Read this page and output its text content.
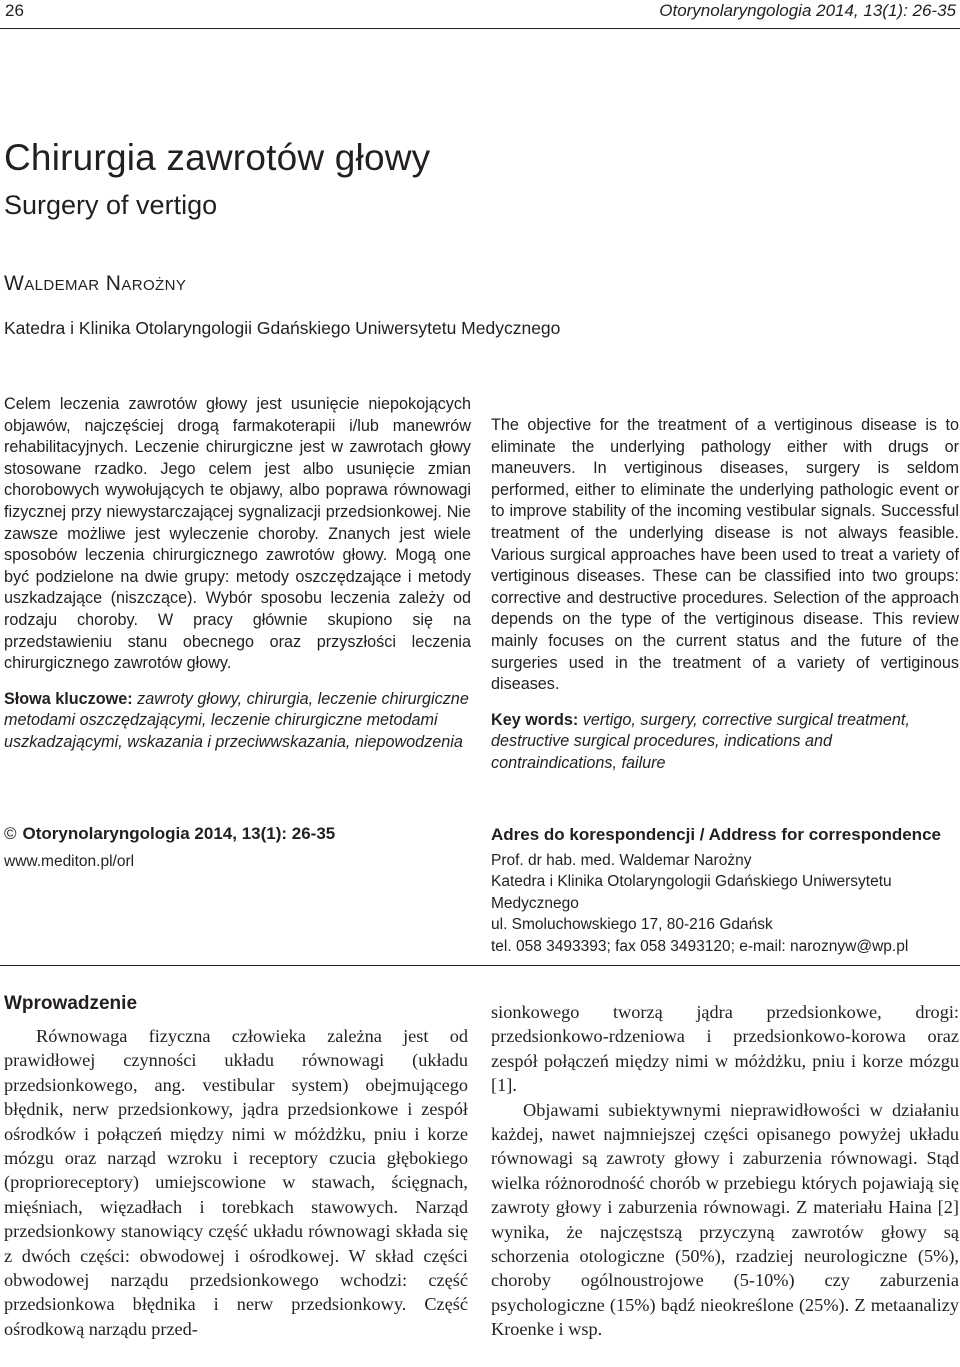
26	Otorynolaryngologia 2014, 13(1): 26-35
Chirurgia zawrotów głowy
Surgery of vertigo
Waldemar Narożny
Katedra i Klinika Otolaryngologii Gdańskiego Uniwersytetu Medycznego

Celem leczenia zawrotów głowy jest usunięcie niepokojących objawów, najczęściej drogą farmakoterapii i/lub manewrów rehabilitacyjnych. Leczenie chirurgiczne jest w zawrotach głowy stosowane rzadko. Jego celem jest albo usunięcie zmian chorobowych wywołujących te objawy, albo poprawa równowagi fizycznej przy niewystarczającej sygnalizacji przedsionkowej. Nie zawsze możliwe jest wyleczenie choroby. Znanych jest wiele sposobów leczenia chirurgicznego zawrotów głowy. Mogą one być podzielone na dwie grupy: metody oszczędzające i metody uszkadzające (niszczące). Wybór sposobu leczenia zależy od rodzaju choroby. W pracy głównie skupiono się na przedstawieniu stanu obecnego oraz przyszłości leczenia chirurgicznego zawrotów głowy.

Słowa kluczowe: zawroty głowy, chirurgia, leczenie chirurgiczne metodami oszczędzającymi, leczenie chirurgiczne metodami uszkadzającymi, wskazania i przeciwwskazania, niepowodzenia

The objective for the treatment of a vertiginous disease is to eliminate the underlying pathology either with drugs or maneuvers. In vertiginous diseases, surgery is seldom performed, either to eliminate the underlying pathologic event or to improve stability of the incoming vestibular signals. Successful treatment of the underlying disease is not always feasible. Various surgical approaches have been used to treat a variety of vertiginous diseases. These can be classified into two groups: corrective and destructive procedures. Selection of the approach depends on the type of the vertiginous disease. This review mainly focuses on the current status and the future of the surgeries used in the treatment of a variety of vertiginous diseases.

Key words: vertigo, surgery, corrective surgical treatment, destructive surgical procedures, indications and contraindications, failure

© Otorynolaryngologia 2014, 13(1): 26-35
www.mediton.pl/orl
Adres do korespondencji / Address for correspondence
Prof. dr hab. med. Waldemar Narożny
Katedra i Klinika Otolaryngologii Gdańskiego Uniwersytetu Medycznego
ul. Smoluchowskiego 17, 80-216 Gdańsk
tel. 058 3493393; fax 058 3493120; e-mail: naroznyw@wp.pl
Wprowadzenie

Równowaga fizyczna człowieka zależna jest od prawidłowej czynności układu równowagi (układu przedsionkowego, ang. vestibular system) obejmującego błędnik, nerw przedsionkowy, jądra przedsionkowe i zespół ośrodków i połączeń między nimi w móżdżku, pniu i korze mózgu oraz narząd wzroku i receptory czucia głębokiego (proprioreceptory) umiejscowione w stawach, ścięgnach, mięśniach, więzadłach i torebkach stawowych. Narząd przedsionkowy stanowiący część układu równowagi składa się z dwóch części: obwodowej i ośrodkowej. W skład części obwodowej narządu przedsionkowego wchodzi: część przedsionkowa błędnika i nerw przedsionkowy. Część ośrodkową narządu przed-

sionkowego tworzą jądra przedsionkowe, drogi: przedsionkowo-rdzeniowa i przedsionkowo-korowa oraz zespół połączeń między nimi w móżdżku, pniu i korze mózgu [1].

Objawami subiektywnymi nieprawidłowości w działaniu każdej, nawet najmniejszej części opisanego powyżej układu równowagi są zawroty głowy i zaburzenia równowagi. Stąd wielka różnorodność chorób w przebiegu których pojawiają się zawroty głowy i zaburzenia równowagi. Z materiału Haina [2] wynika, że najczęstszą przyczyną zawrotów głowy są schorzenia otologiczne (50%), rzadziej neurologiczne (5%), choroby ogólnoustrojowe (5-10%) czy zaburzenia psychologiczne (15%) bądź nieokreślone (25%). Z metaanalizy Kroenke i wsp.
